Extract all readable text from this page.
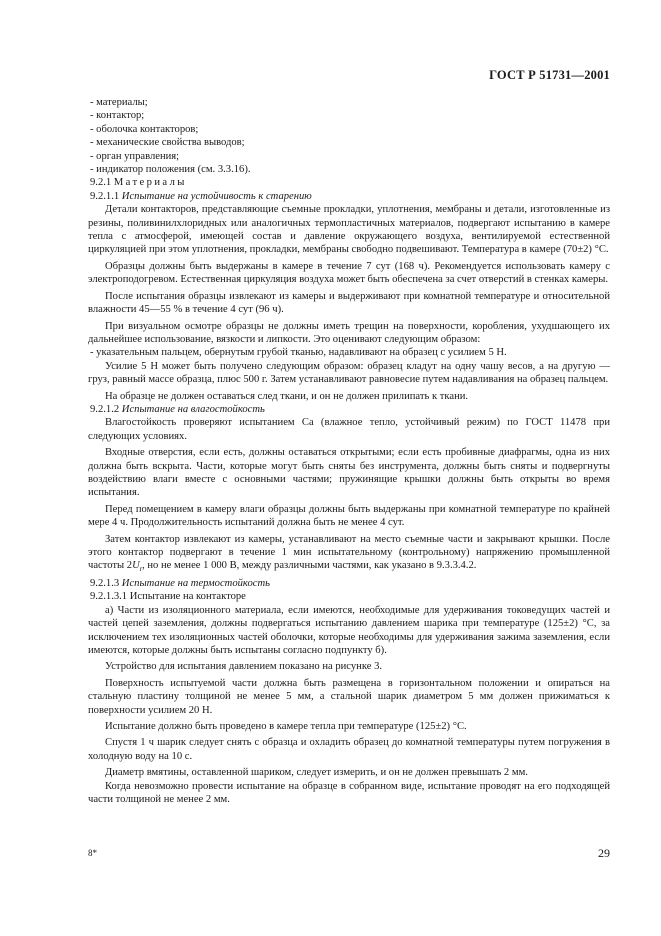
ГОСТ Р 51731—2001

- материалы;

- контактор;

- оболочка контакторов;

- механические свойства выводов;

- орган управления;

- индикатор положения (см. 3.3.16).

9.2.1 Материалы

9.2.1.1 Испытание на устойчивость к старению

Детали контакторов, представляющие съемные прокладки, уплотнения, мембраны и детали, изготовленные из резины, поливинилхлоридных или аналогичных термопластичных материалов, подвергают испытанию в камере тепла с атмосферой, имеющей состав и давление окружающего воздуха, вентилируемой естественной циркуляцией при этом уплотнения, прокладки, мембраны свободно подвешивают. Температура в камере (70±2) °С.

Образцы должны быть выдержаны в камере в течение 7 сут (168 ч). Рекомендуется использовать камеру с электроподогревом. Естественная циркуляция воздуха может быть обеспечена за счет отверстий в стенках камеры.

После испытания образцы извлекают из камеры и выдерживают при комнатной температуре и относительной влажности 45—55 % в течение 4 сут (96 ч).

При визуальном осмотре образцы не должны иметь трещин на поверхности, коробления, ухудшающего их дальнейшее использование, вязкости и липкости. Это оценивают следующим образом:

- указательным пальцем, обернутым грубой тканью, надавливают на образец с усилием 5 Н.

Усилие 5 Н может быть получено следующим образом: образец кладут на одну чашу весов, а на другую — груз, равный массе образца, плюс 500 г. Затем устанавливают равновесие путем надавливания на образец пальцем.

На образце не должен оставаться след ткани, и он не должен прилипать к ткани.

9.2.1.2 Испытание на влагостойкость

Влагостойкость проверяют испытанием Са (влажное тепло, устойчивый режим) по ГОСТ 11478 при следующих условиях.

Входные отверстия, если есть, должны оставаться открытыми; если есть пробивные диафрагмы, одна из них должна быть вскрыта. Части, которые могут быть сняты без инструмента, должны быть сняты и подвергнуты воздействию влаги вместе с основными частями; пружинящие крышки должны быть открыты во время испытания.

Перед помещением в камеру влаги образцы должны быть выдержаны при комнатной температуре по крайней мере 4 ч. Продолжительность испытаний должна быть не менее 4 сут.

Затем контактор извлекают из камеры, устанавливают на место съемные части и закрывают крышки. После этого контактор подвергают в течение 1 мин испытательному (контрольному) напряжению промышленной частоты $2U_r$, но не менее 1 000 В, между различными частями, как указано в 9.3.3.4.2.

9.2.1.3 Испытание на термостойкость

9.2.1.3.1 Испытание на контакторе

а) Части из изоляционного материала, если имеются, необходимые для удерживания токоведущих частей и частей цепей заземления, должны подвергаться испытанию давлением шарика при температуре (125±2) °С, за исключением тех изоляционных частей оболочки, которые необходимы для удерживания зажима заземления, если имеются, которые должны быть испытаны согласно подпункту б).

Устройство для испытания давлением показано на рисунке 3.

Поверхность испытуемой части должна быть размещена в горизонтальном положении и опираться на стальную пластину толщиной не менее 5 мм, а стальной шарик диаметром 5 мм должен прижиматься к поверхности усилием 20 Н.

Испытание должно быть проведено в камере тепла при температуре (125±2) °С.

Спустя 1 ч шарик следует снять с образца и охладить образец до комнатной температуры путем погружения в холодную воду на 10 с.

Диаметр вмятины, оставленной шариком, следует измерить, и он не должен превышать 2 мм.

Когда невозможно провести испытание на образце в собранном виде, испытание проводят на его подходящей части толщиной не менее 2 мм.

8*	29
